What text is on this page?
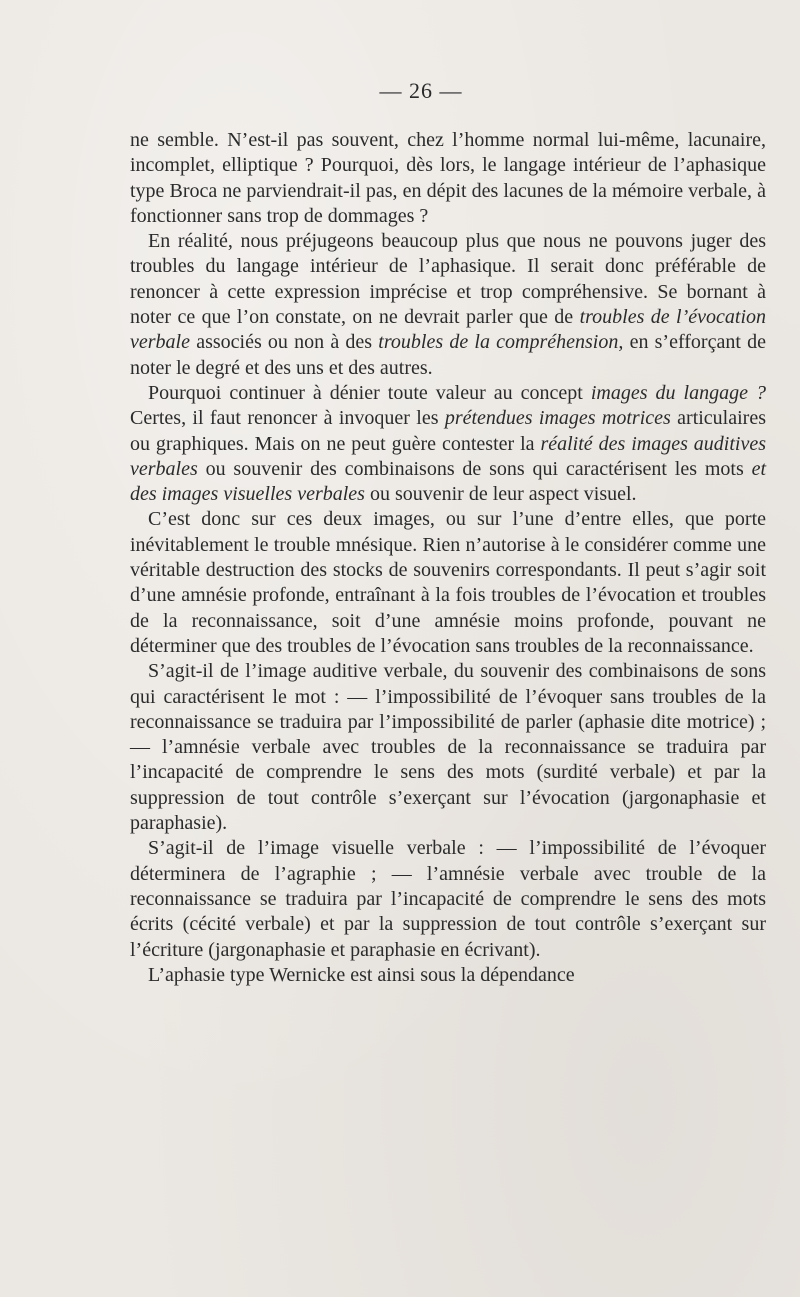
— 26 —

ne semble. N’est-il pas souvent, chez l’homme normal lui-même, lacunaire, incomplet, elliptique ? Pourquoi, dès lors, le langage intérieur de l’aphasique type Broca ne parviendrait-il pas, en dépit des lacunes de la mémoire verbale, à fonctionner sans trop de dommages ?

En réalité, nous préjugeons beaucoup plus que nous ne pouvons juger des troubles du langage intérieur de l’aphasique. Il serait donc préférable de renoncer à cette expression imprécise et trop compréhensive. Se bornant à noter ce que l’on constate, on ne devrait parler que de troubles de l’évocation verbale associés ou non à des troubles de la compréhension, en s’efforçant de noter le degré et des uns et des autres.

Pourquoi continuer à dénier toute valeur au concept images du langage ? Certes, il faut renoncer à invoquer les prétendues images motrices articulaires ou graphiques. Mais on ne peut guère contester la réalité des images auditives verbales ou souvenir des combinaisons de sons qui caractérisent les mots et des images visuelles verbales ou souvenir de leur aspect visuel.

C’est donc sur ces deux images, ou sur l’une d’entre elles, que porte inévitablement le trouble mnésique. Rien n’autorise à le considérer comme une véritable destruction des stocks de souvenirs correspondants. Il peut s’agir soit d’une amnésie profonde, entraînant à la fois troubles de l’évocation et troubles de la reconnaissance, soit d’une amnésie moins profonde, pouvant ne déterminer que des troubles de l’évocation sans troubles de la reconnaissance.

S’agit-il de l’image auditive verbale, du souvenir des combinaisons de sons qui caractérisent le mot : — l’impossibilité de l’évoquer sans troubles de la reconnaissance se traduira par l’impossibilité de parler (aphasie dite motrice) ; — l’amnésie verbale avec troubles de la reconnaissance se traduira par l’incapacité de comprendre le sens des mots (surdité verbale) et par la suppression de tout contrôle s’exerçant sur l’évocation (jargonaphasie et paraphasie).

S’agit-il de l’image visuelle verbale : — l’impossibilité de l’évoquer déterminera de l’agraphie ; — l’amnésie verbale avec trouble de la reconnaissance se traduira par l’incapacité de comprendre le sens des mots écrits (cécité verbale) et par la suppression de tout contrôle s’exerçant sur l’écriture (jargonaphasie et paraphasie en écrivant).

L’aphasie type Wernicke est ainsi sous la dépendance
